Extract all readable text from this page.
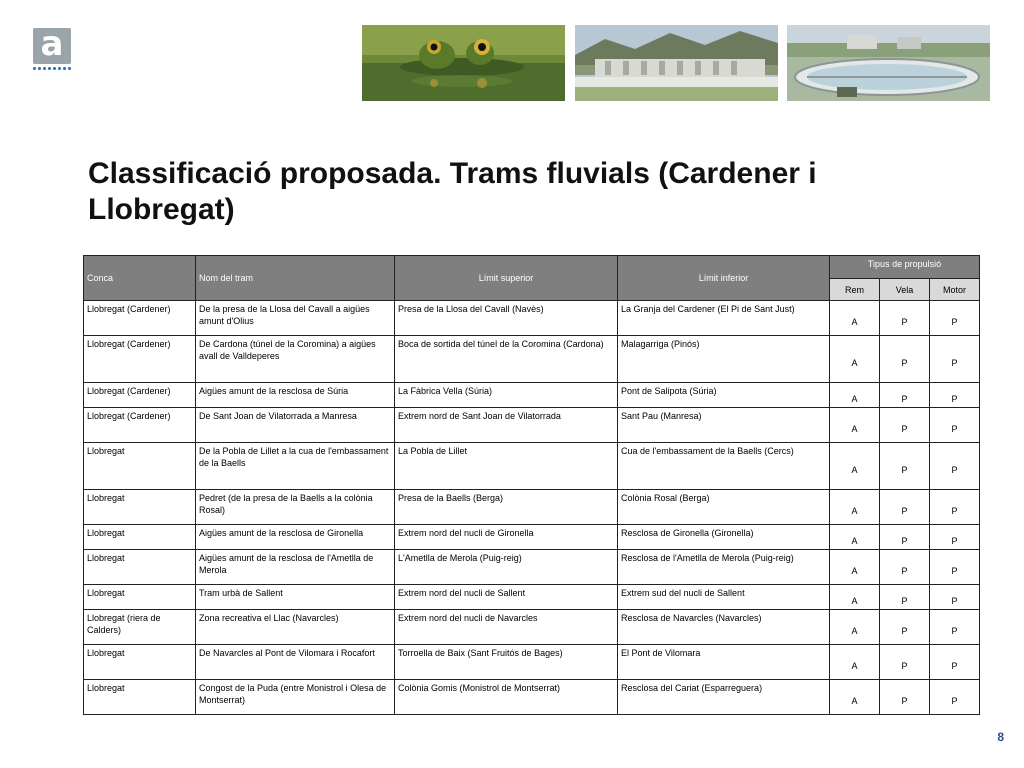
a
Classificació proposada. Trams fluvials (Cardener i Llobregat)
Conca	Nom del tram	Límit superior	Límit inferior	Tipus de propulsió		
				Rem	Vela	Motor
Llobregat (Cardener)	De la presa de la Llosa del Cavall a aigües amunt d'Olius	Presa de la Llosa del Cavall (Navès)	La Granja del Cardener (El Pi de Sant Just)	A	P	P
Llobregat (Cardener)	De Cardona (túnel de la Coromina) a aigües avall de Valldeperes	Boca de sortida del túnel de la Coromina (Cardona)	Malagarriga (Pinós)	A	P	P
Llobregat (Cardener)	Aigües amunt de la resclosa de Súria	La Fàbrica Vella (Súria)	Pont de Salipota (Súria)	A	P	P
Llobregat (Cardener)	De Sant Joan de Vilatorrada a Manresa	Extrem nord de Sant Joan de Vilatorrada	Sant Pau (Manresa)	A	P	P
Llobregat	De la Pobla de Lillet a la cua de l'embassament de la Baells	La Pobla de Lillet	Cua de l'embassament de la Baells (Cercs)	A	P	P
Llobregat	Pedret (de la presa de la Baells a la colònia Rosal)	Presa de la Baells (Berga)	Colònia Rosal (Berga)	A	P	P
Llobregat	Aigües amunt de la resclosa de Gironella	Extrem nord del nucli de Gironella	Resclosa de Gironella (Gironella)	A	P	P
Llobregat	Aigües amunt de la resclosa de l'Ametlla de Merola	L'Ametlla de Merola (Puig-reig)	Resclosa de l'Ametlla de Merola (Puig-reig)	A	P	P
Llobregat	Tram urbà de Sallent	Extrem nord del nucli de Sallent	Extrem sud del nucli de Sallent	A	P	P
Llobregat (riera de Calders)	Zona recreativa el Llac (Navarcles)	Extrem nord del nucli de Navarcles	Resclosa de Navarcles (Navarcles)	A	P	P
Llobregat	De Navarcles al Pont de Vilomara i Rocafort	Torroella de Baix (Sant Fruitós de Bages)	El Pont de Vilomara	A	P	P
Llobregat	Congost de la Puda (entre Monistrol i Olesa de Montserrat)	Colònia Gomis (Monistrol de Montserrat)	Resclosa del Cariat (Esparreguera)	A	P	P
8
